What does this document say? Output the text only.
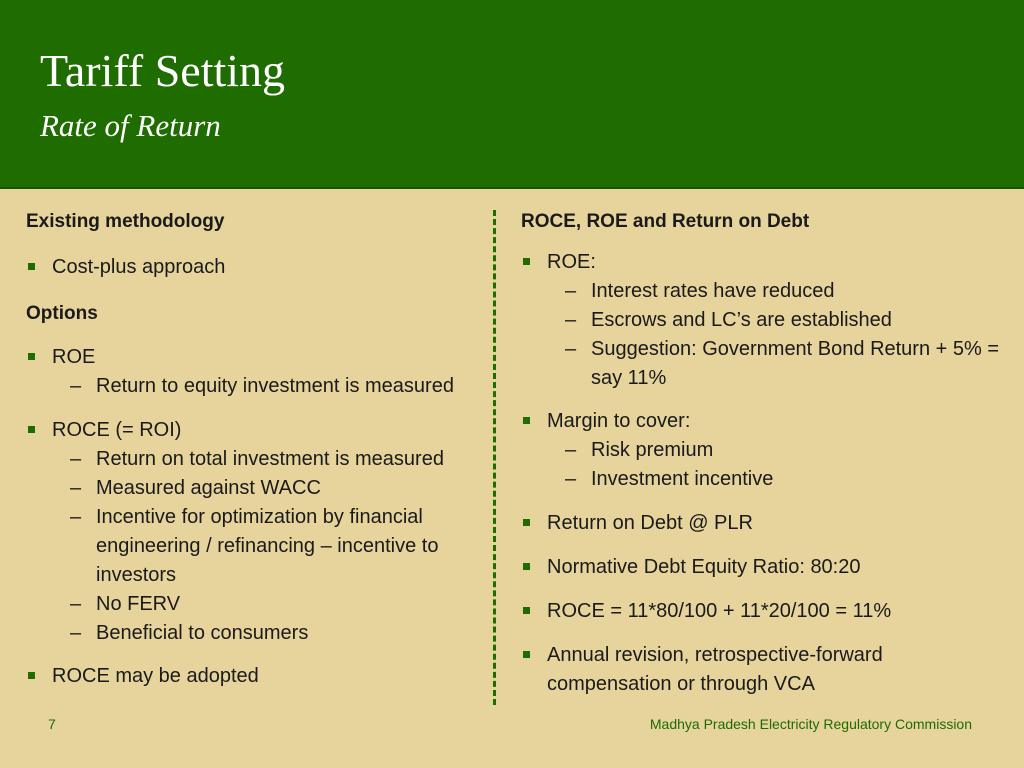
Tariff Setting
Rate of Return

Existing methodology

Cost-plus approach

Options

ROE

– Return to equity investment is measured

ROCE (= ROI)

– Return on total investment is measured

– Measured against WACC

– Incentive for optimization by financial engineering / refinancing – incentive to investors

– No FERV

– Beneficial to consumers

ROCE may be adopted

ROCE, ROE and Return on Debt

ROE:

– Interest rates have reduced

– Escrows and LC’s are established

– Suggestion: Government Bond Return + 5% = say 11%

Margin to cover:

– Risk premium

– Investment incentive

Return on Debt @ PLR

Normative Debt Equity Ratio: 80:20

ROCE = 11*80/100 + 11*20/100 = 11%

Annual revision, retrospective-forward compensation or through VCA

7	Madhya Pradesh Electricity Regulatory Commission
